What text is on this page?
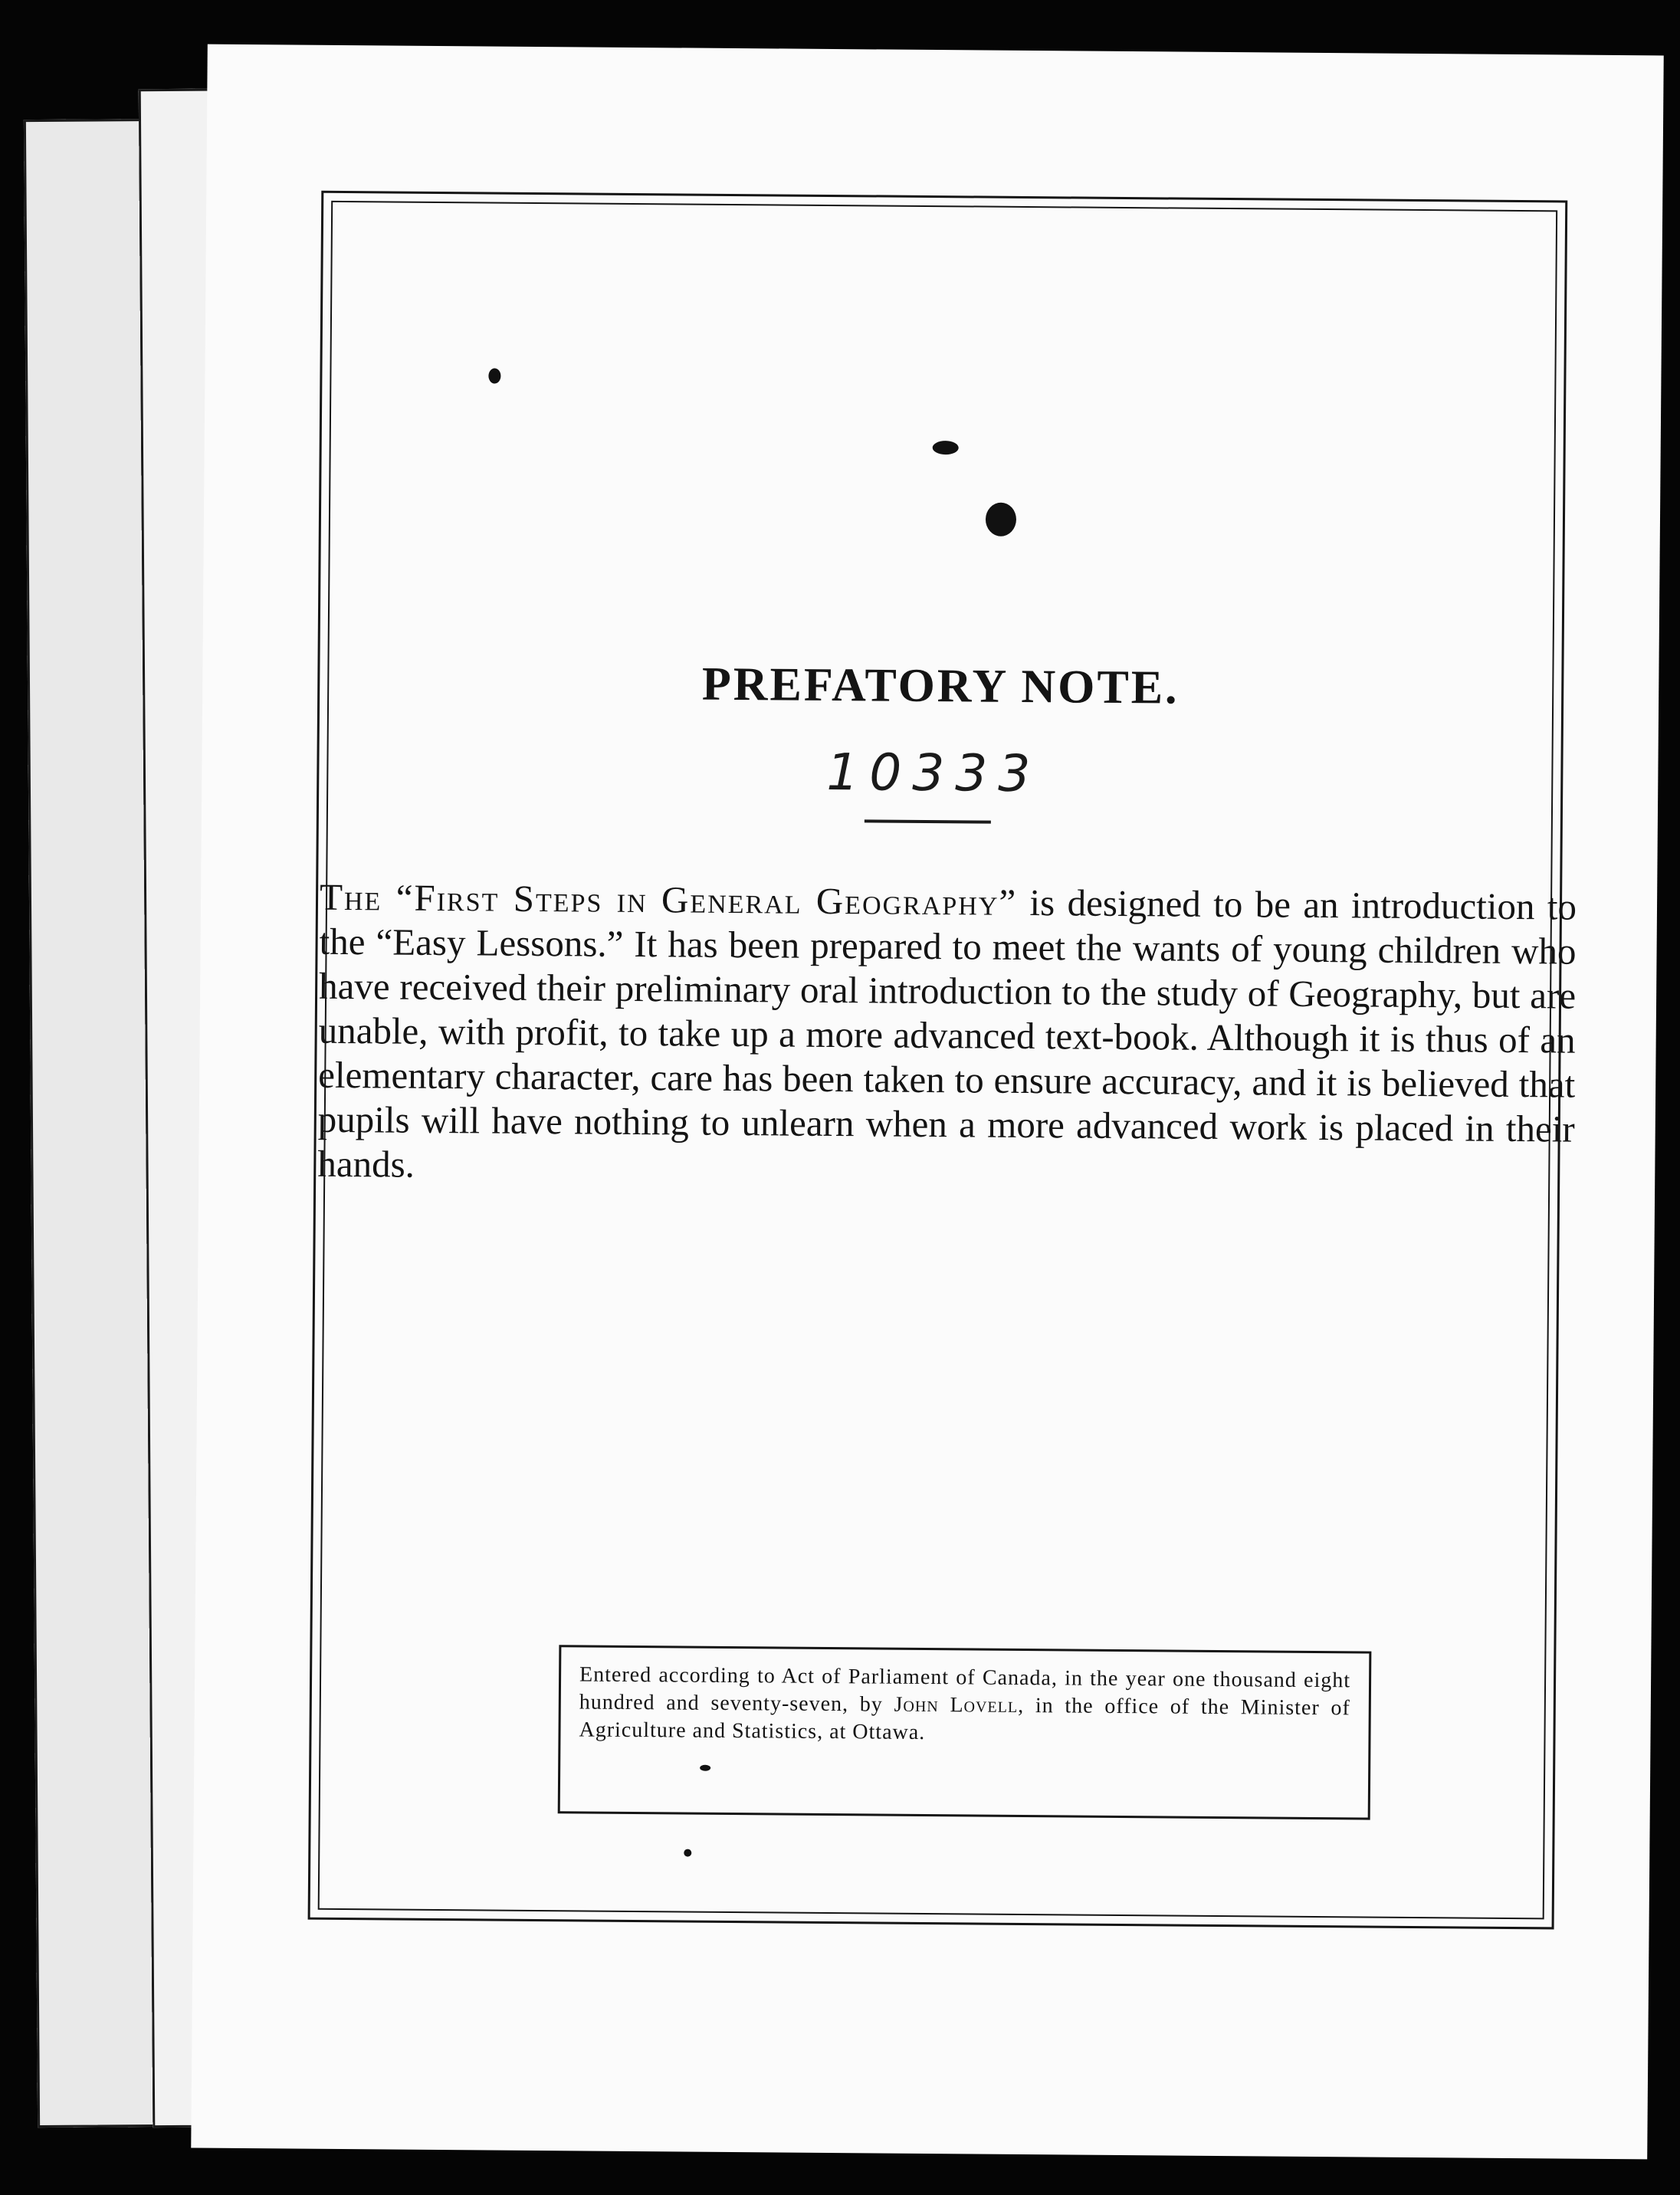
PREFATORY NOTE.
10333
The “First Steps in General Geography” is designed to be an introduction to the “Easy Lessons.” It has been prepared to meet the wants of young children who have received their preliminary oral introduction to the study of Geography, but are unable, with profit, to take up a more advanced text-book. Although it is thus of an elementary character, care has been taken to ensure accuracy, and it is believed that pupils will have nothing to unlearn when a more advanced work is placed in their hands.
Entered according to Act of Parliament of Canada, in the year one thousand eight hundred and seventy-seven, by John Lovell, in the office of the Minister of Agriculture and Statistics, at Ottawa.
